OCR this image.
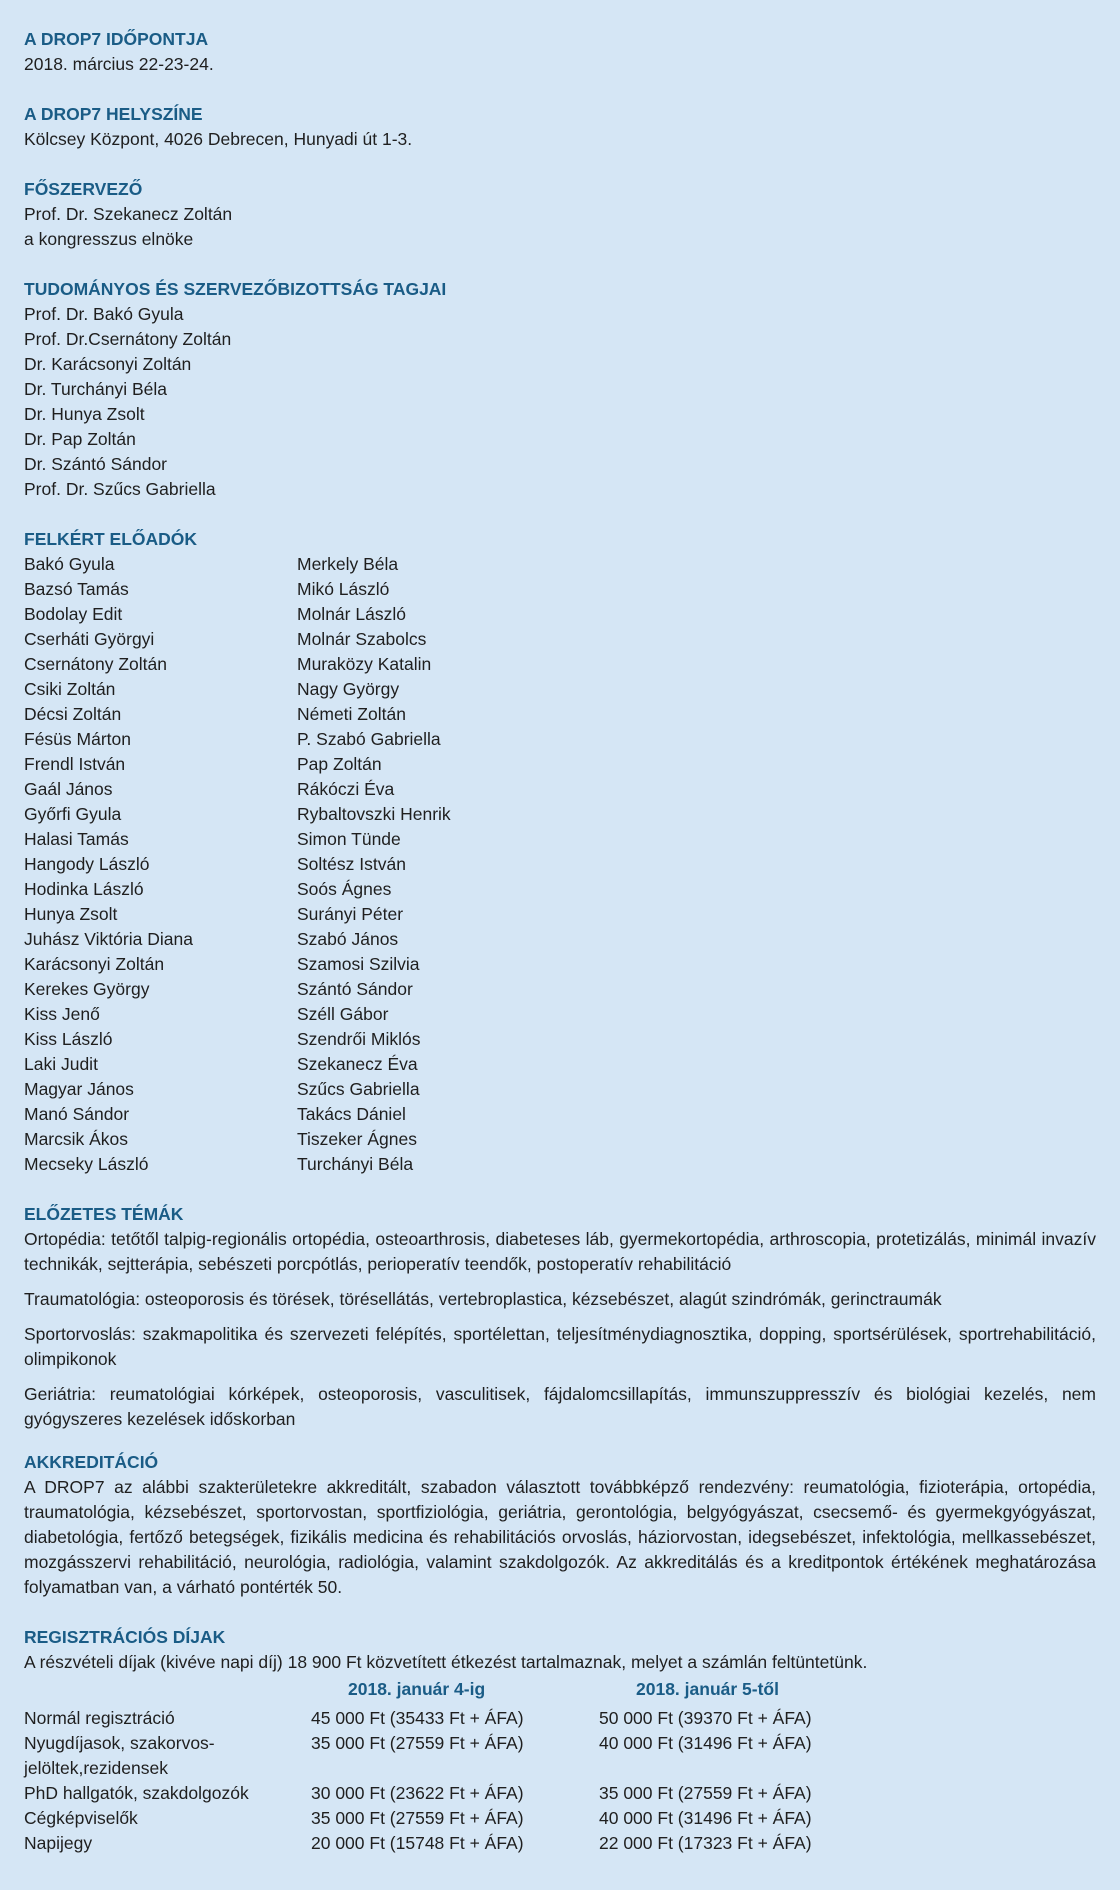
A DROP7 IDŐPONTJA
2018. március 22-23-24.
A DROP7 HELYSZÍNE
Kölcsey Központ, 4026 Debrecen, Hunyadi út 1-3.
FŐSZERVEZŐ
Prof. Dr. Szekanecz Zoltán
a kongresszus elnöke
TUDOMÁNYOS ÉS SZERVEZŐBIZOTTSÁG TAGJAI
Prof. Dr. Bakó Gyula
Prof. Dr.Csernátony Zoltán
Dr. Karácsonyi Zoltán
Dr. Turchányi Béla
Dr. Hunya Zsolt
Dr. Pap Zoltán
Dr. Szántó Sándor
Prof. Dr. Szűcs Gabriella
FELKÉRT ELŐADÓK
Bakó Gyula
Bazsó Tamás
Bodolay Edit
Cserháti Györgyi
Csernátony Zoltán
Csiki Zoltán
Décsi Zoltán
Fésüs Márton
Frendl István
Gaál János
Győrfi Gyula
Halasi Tamás
Hangody László
Hodinka László
Hunya Zsolt
Juhász Viktória Diana
Karácsonyi Zoltán
Kerekes György
Kiss Jenő
Kiss László
Laki Judit
Magyar János
Manó Sándor
Marcsik Ákos
Mecseky László
Merkely Béla
Mikó László
Molnár László
Molnár Szabolcs
Muraközy Katalin
Nagy György
Németi Zoltán
P. Szabó Gabriella
Pap Zoltán
Rákóczi Éva
Rybaltovszki Henrik
Simon Tünde
Soltész István
Soós Ágnes
Surányi Péter
Szabó János
Szamosi Szilvia
Szántó Sándor
Széll Gábor
Szendrői Miklós
Szekanecz Éva
Szűcs Gabriella
Takács Dániel
Tiszeker Ágnes
Turchányi Béla
ELŐZETES TÉMÁK
Ortopédia: tetőtől talpig-regionális ortopédia, osteoarthrosis, diabeteses láb, gyermekortopédia, arthroscopia, protetizálás, minimál invazív technikák, sejtterápia, sebészeti porcpótlás, perioperatív teendők, postoperatív rehabilitáció
Traumatológia: osteoporosis és törések, törésellátás, vertebroplastica, kézsebészet, alagút szindrómák, gerinctraumák
Sportorvoslás: szakmapolitika és szervezeti felépítés, sportélettan, teljesítménydiagnosztika, dopping, sportsérülések, sportrehabilitáció, olimpikonok
Geriátria: reumatológiai kórképek, osteoporosis, vasculitisek, fájdalomcsillapítás, immunszuppresszív és biológiai kezelés, nem gyógyszeres kezelések időskorban
AKKREDITÁCIÓ
A DROP7 az alábbi szakterületekre akkreditált, szabadon választott továbbképző rendezvény: reumatológia, fizioterápia, ortopédia, traumatológia, kézsebészet, sportorvostan, sportfiziológia, geriátria, gerontológia, belgyógyászat, csecsemő- és gyermekgyógyászat, diabetológia, fertőző betegségek, fizikális medicina és rehabilitációs orvoslás, háziorvostan, idegsebészet, infektológia, mellkassebészet, mozgásszervi rehabilitáció, neurológia, radiológia, valamint szakdolgozók. Az akkreditálás és a kreditpontok értékének meghatározása folyamatban van, a várható pontérték 50.
REGISZTRÁCIÓS DÍJAK
A részvételi díjak (kivéve napi díj) 18 900 Ft közvetített étkezést tartalmaznak, melyet a számlán feltüntetünk.
2018. január 4-ig	2018. január 5-től
Normál regisztráció	45 000 Ft (35433 Ft + ÁFA)	50 000 Ft (39370 Ft + ÁFA)
Nyugdíjasok, szakorvos-
jelöltek,rezidensek
35 000 Ft (27559 Ft + ÁFA)	40 000 Ft (31496 Ft + ÁFA)
PhD hallgatók, szakdolgozók	30 000 Ft (23622 Ft + ÁFA)	35 000 Ft (27559 Ft + ÁFA)
Cégképviselők	35 000 Ft (27559 Ft + ÁFA)	40 000 Ft (31496 Ft + ÁFA)
Napijegy	20 000 Ft (15748 Ft + ÁFA)	22 000 Ft (17323 Ft + ÁFA)
